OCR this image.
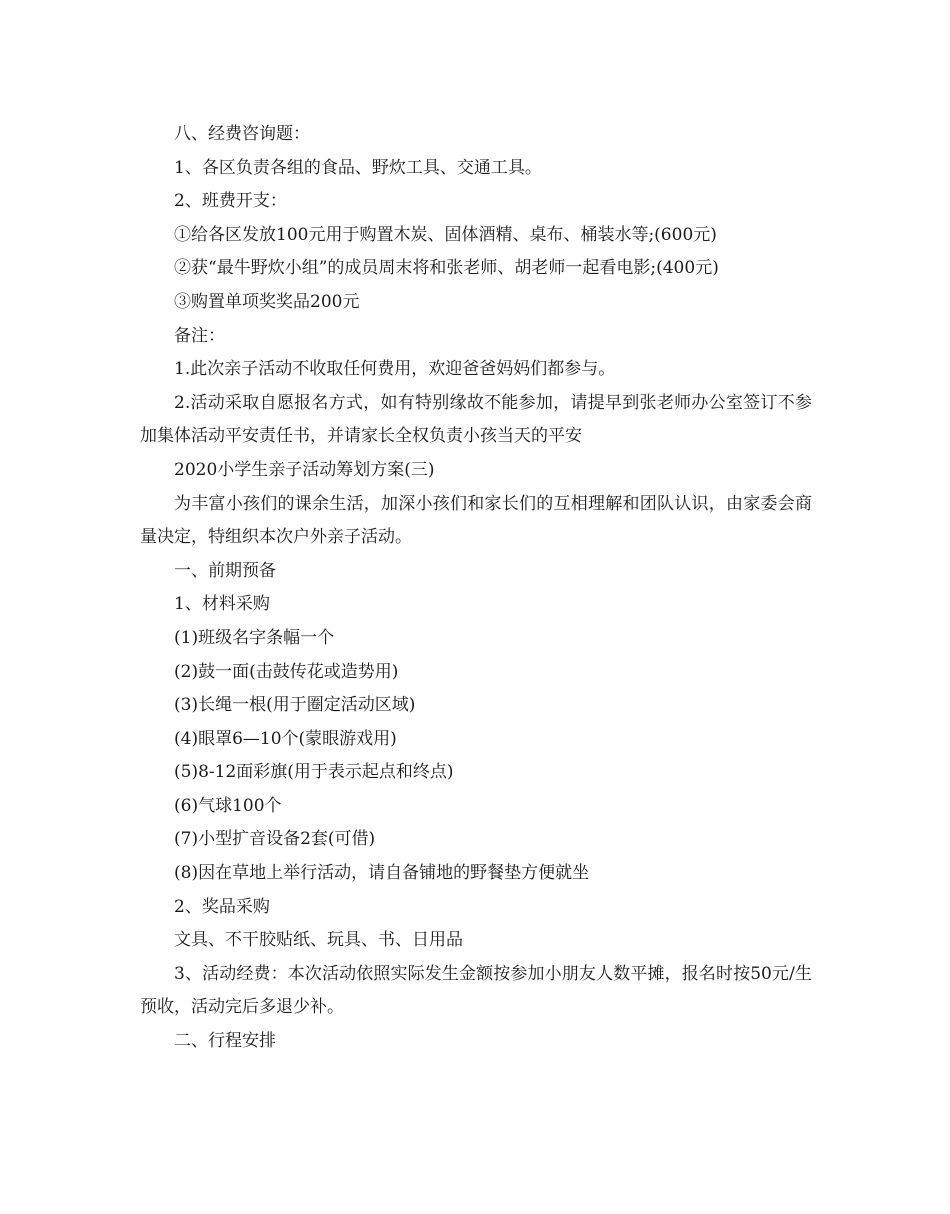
八、经费咨询题：

1、各区负责各组的食品、野炊工具、交通工具。

2、班费开支：

①给各区发放100元用于购置木炭、固体酒精、桌布、桶装水等;(600元)

②获“最牛野炊小组”的成员周末将和张老师、胡老师一起看电影;(400元)

③购置单项奖奖品200元

备注：

1.此次亲子活动不收取任何费用，欢迎爸爸妈妈们都参与。

2.活动采取自愿报名方式，如有特别缘故不能参加，请提早到张老师办公室签订不参加集体活动平安责任书，并请家长全权负责小孩当天的平安

2020小学生亲子活动筹划方案(三)

为丰富小孩们的课余生活，加深小孩们和家长们的互相理解和团队认识，由家委会商量决定，特组织本次户外亲子活动。

一、前期预备

1、材料采购

(1)班级名字条幅一个

(2)鼓一面(击鼓传花或造势用)

(3)长绳一根(用于圈定活动区域)

(4)眼罩6—10个(蒙眼游戏用)

(5)8-12面彩旗(用于表示起点和终点)

(6)气球100个

(7)小型扩音设备2套(可借)

(8)因在草地上举行活动，请自备铺地的野餐垫方便就坐

2、奖品采购

文具、不干胶贴纸、玩具、书、日用品

3、活动经费：本次活动依照实际发生金额按参加小朋友人数平摊，报名时按50元/生预收，活动完后多退少补。

二、行程安排
